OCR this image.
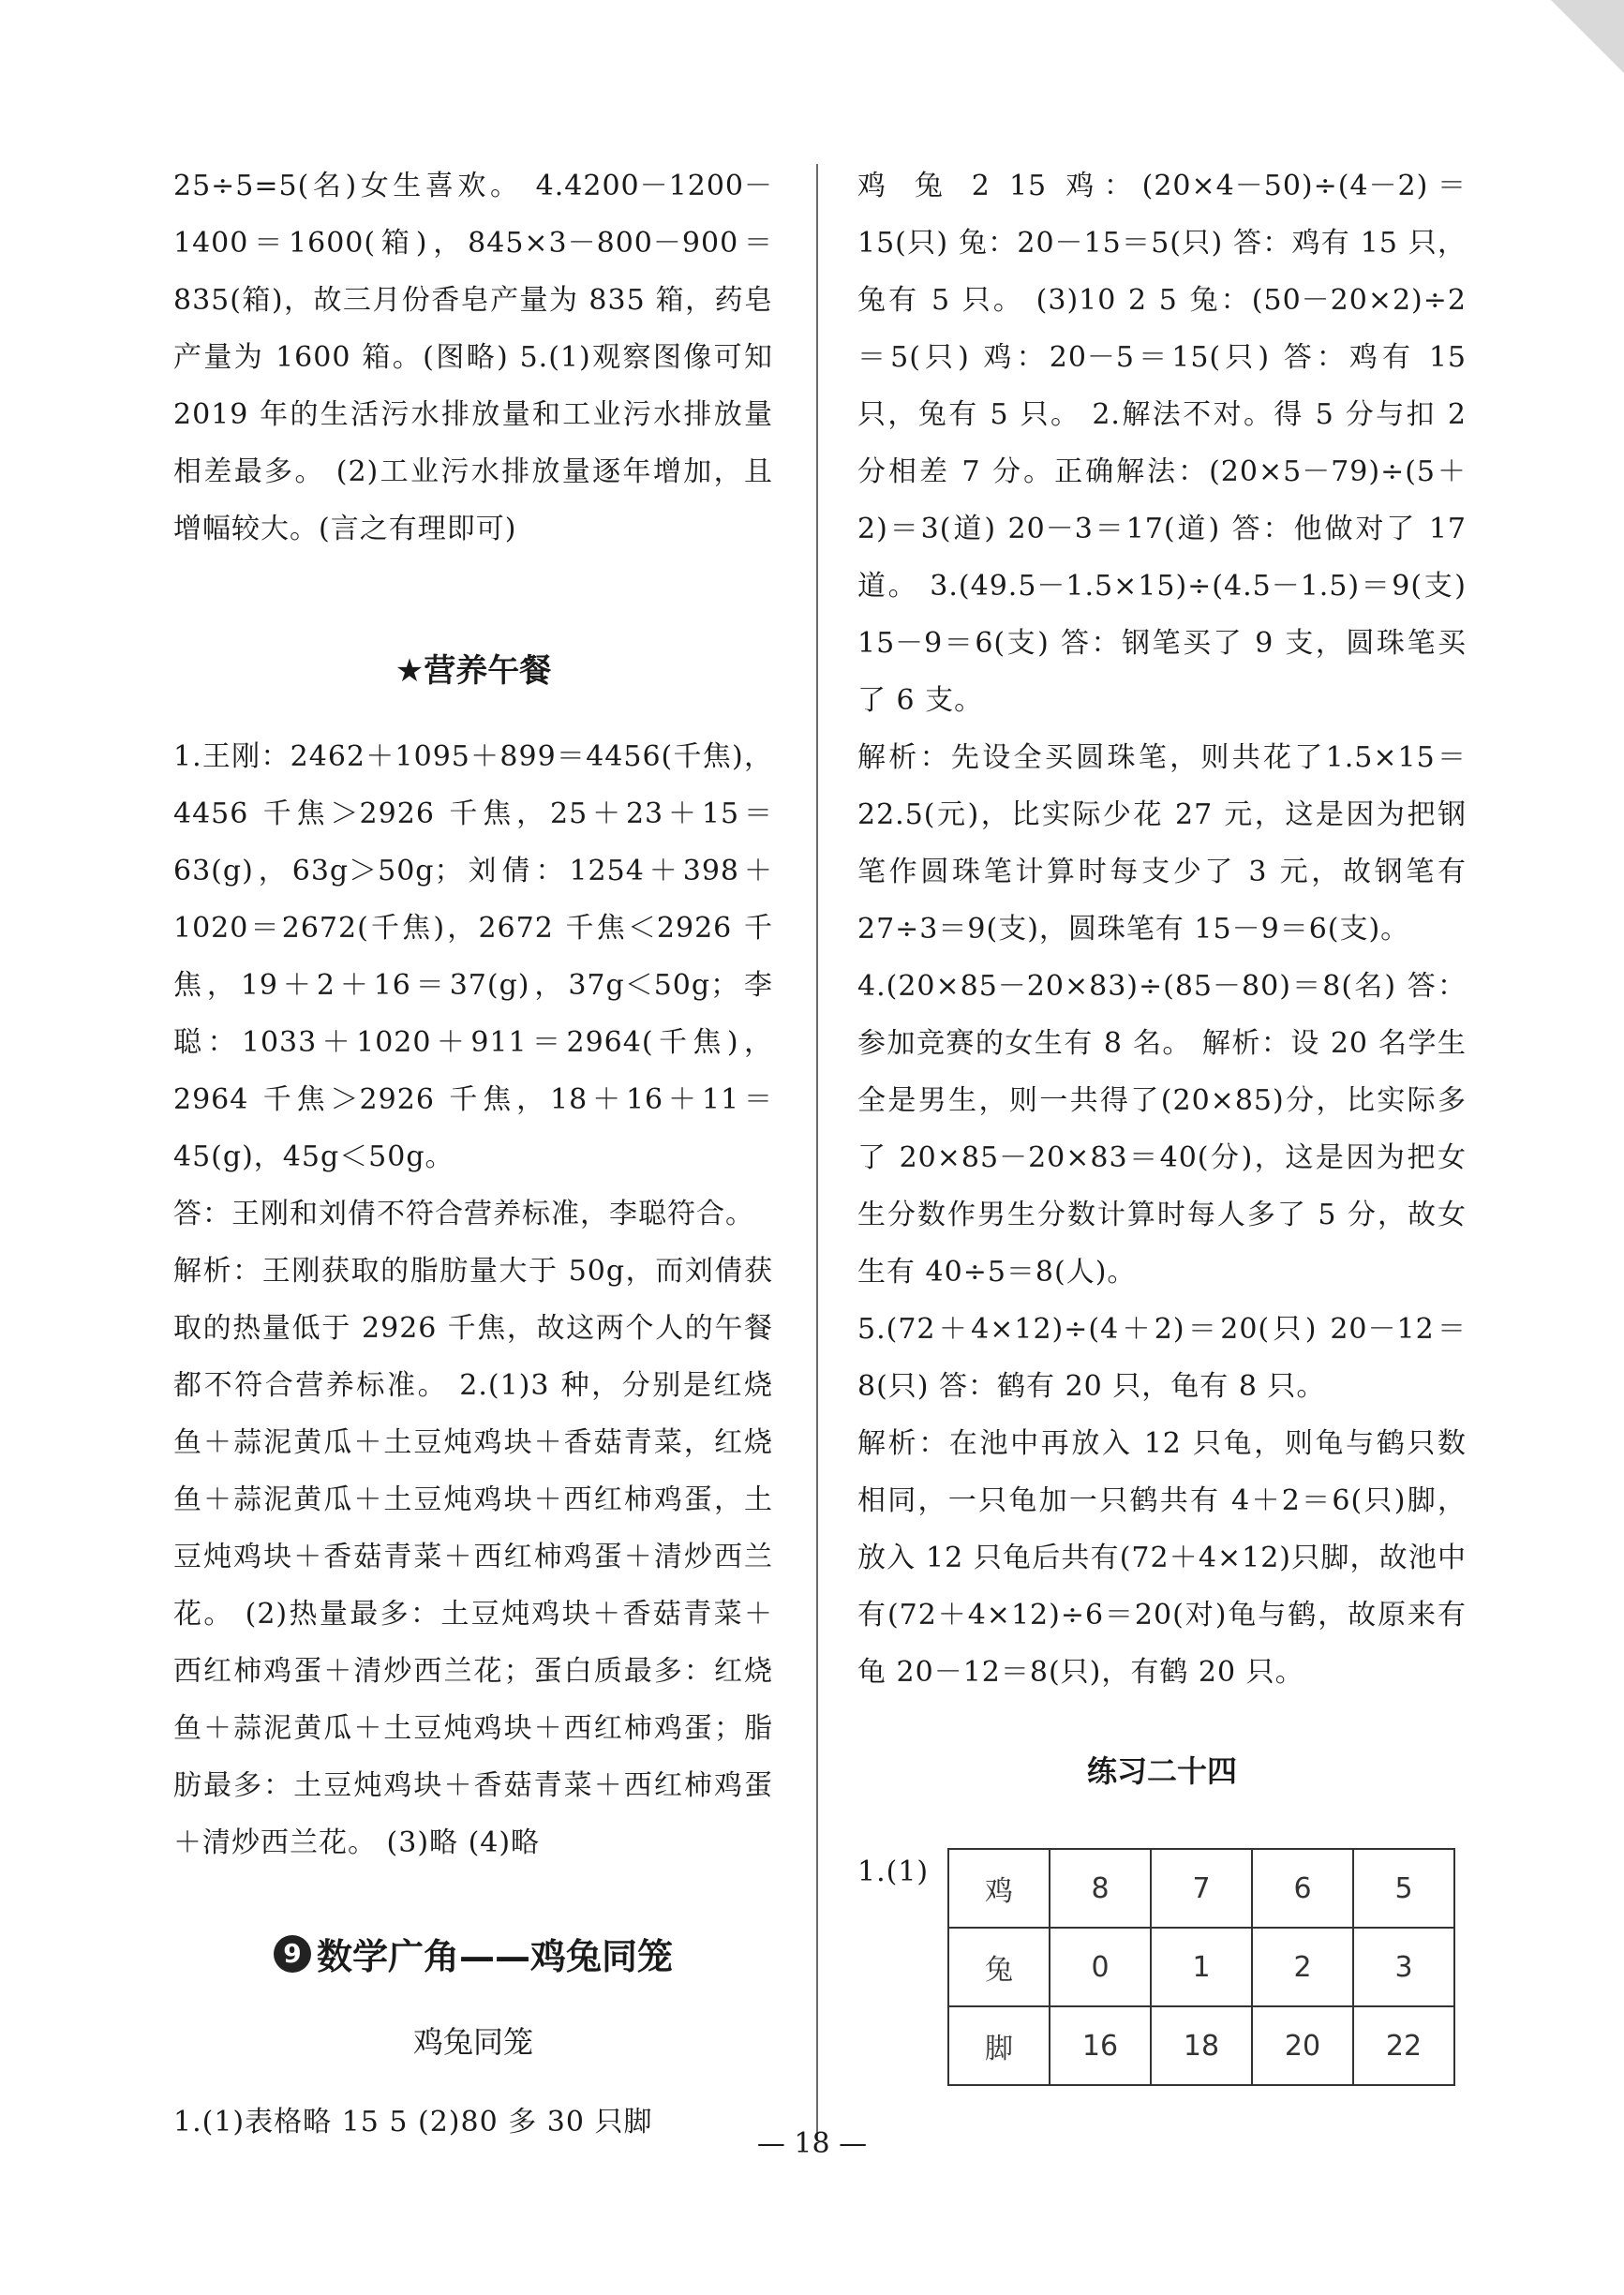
25÷5=5(名)女生喜欢。 4.4200－1200－1400＝1600(箱)，845×3－800－900＝835(箱)，故三月份香皂产量为 835 箱，药皂产量为 1600 箱。(图略) 5.(1)观察图像可知 2019 年的生活污水排放量和工业污水排放量相差最多。 (2)工业污水排放量逐年增加，且增幅较大。(言之有理即可)

★营养午餐

1.王刚：2462＋1095＋899＝4456(千焦)，4456 千焦＞2926 千焦，25＋23＋15＝63(g)，63g＞50g；刘倩：1254＋398＋1020＝2672(千焦)，2672 千焦＜2926 千焦，19＋2＋16＝37(g)，37g＜50g；李聪：1033＋1020＋911＝2964(千焦)，2964 千焦＞2926 千焦，18＋16＋11＝45(g)，45g＜50g。

答：王刚和刘倩不符合营养标准，李聪符合。

解析：王刚获取的脂肪量大于 50g，而刘倩获取的热量低于 2926 千焦，故这两个人的午餐都不符合营养标准。 2.(1)3 种，分别是红烧鱼＋蒜泥黄瓜＋土豆炖鸡块＋香菇青菜，红烧鱼＋蒜泥黄瓜＋土豆炖鸡块＋西红柿鸡蛋，土豆炖鸡块＋香菇青菜＋西红柿鸡蛋＋清炒西兰花。 (2)热量最多：土豆炖鸡块＋香菇青菜＋西红柿鸡蛋＋清炒西兰花；蛋白质最多：红烧鱼＋蒜泥黄瓜＋土豆炖鸡块＋西红柿鸡蛋；脂肪最多：土豆炖鸡块＋香菇青菜＋西红柿鸡蛋＋清炒西兰花。 (3)略 (4)略

9 数学广角——鸡兔同笼

鸡兔同笼

1.(1)表格略 15 5 (2)80 多 30 只脚

鸡 兔 2 15 鸡：(20×4－50)÷(4－2)＝15(只) 兔：20－15＝5(只) 答：鸡有 15 只，兔有 5 只。 (3)10 2 5 兔：(50－20×2)÷2＝5(只) 鸡：20－5＝15(只) 答：鸡有 15 只，兔有 5 只。 2.解法不对。得 5 分与扣 2 分相差 7 分。正确解法：(20×5－79)÷(5＋2)＝3(道) 20－3＝17(道) 答：他做对了 17 道。 3.(49.5－1.5×15)÷(4.5－1.5)＝9(支) 15－9＝6(支) 答：钢笔买了 9 支，圆珠笔买了 6 支。

解析：先设全买圆珠笔，则共花了1.5×15＝22.5(元)，比实际少花 27 元，这是因为把钢笔作圆珠笔计算时每支少了 3 元，故钢笔有 27÷3＝9(支)，圆珠笔有 15－9＝6(支)。

4.(20×85－20×83)÷(85－80)＝8(名) 答：参加竞赛的女生有 8 名。 解析：设 20 名学生全是男生，则一共得了(20×85)分，比实际多了 20×85－20×83＝40(分)，这是因为把女生分数作男生分数计算时每人多了 5 分，故女生有 40÷5＝8(人)。

5.(72＋4×12)÷(4＋2)＝20(只) 20－12＝8(只) 答：鹤有 20 只，龟有 8 只。

解析：在池中再放入 12 只龟，则龟与鹤只数相同，一只龟加一只鹤共有 4＋2＝6(只)脚，放入 12 只龟后共有(72＋4×12)只脚，故池中有(72＋4×12)÷6＝20(对)龟与鹤，故原来有龟 20－12＝8(只)，有鹤 20 只。

练习二十四

1.(1)

鸡	8	7	6	5
兔	0	1	2	3
脚	16	18	20	22
— 18 —
